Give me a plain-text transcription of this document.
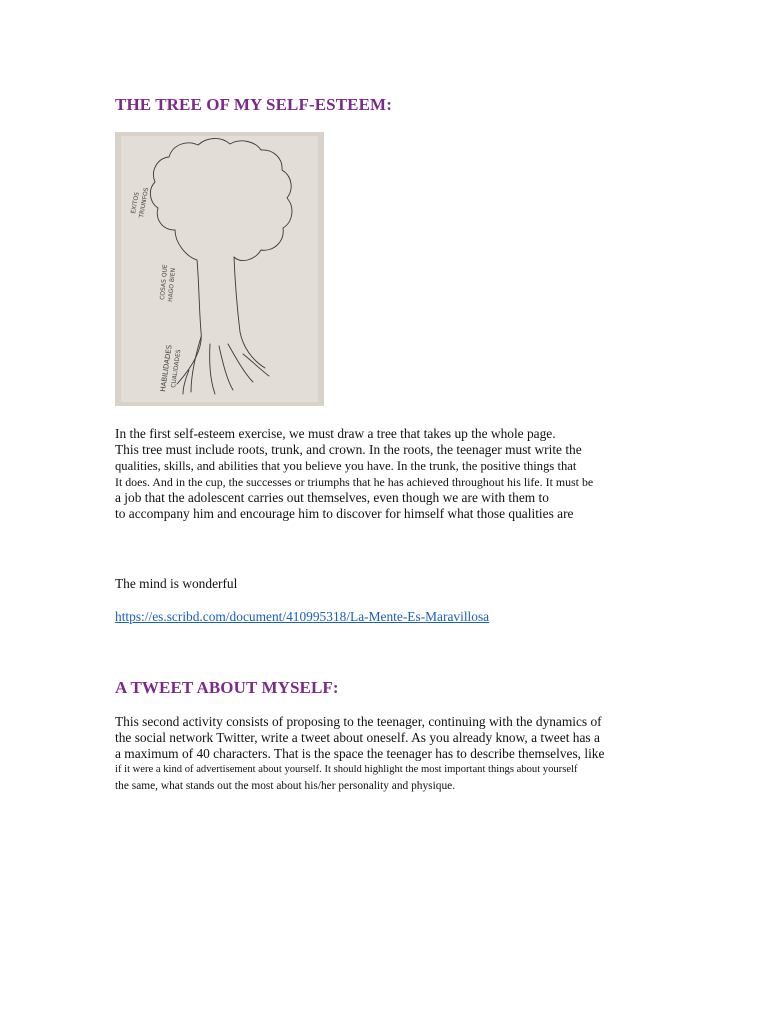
THE TREE OF MY SELF-ESTEEM:
ÉXITOS
TRIUNFOS
COSAS QUE
HAGO BIEN
HABILIDADES
CUALIDADES

In the first self-esteem exercise, we must draw a tree that takes up the whole page.
This tree must include roots, trunk, and crown. In the roots, the teenager must write the
qualities, skills, and abilities that you believe you have. In the trunk, the positive things that
It does. And in the cup, the successes or triumphs that he has achieved throughout his life. It must be
a job that the adolescent carries out themselves, even though we are with them to
to accompany him and encourage him to discover for himself what those qualities are

The mind is wonderful

https://es.scribd.com/document/410995318/La-Mente-Es-Maravillosa
A TWEET ABOUT MYSELF:

This second activity consists of proposing to the teenager, continuing with the dynamics of
the social network Twitter, write a tweet about oneself. As you already know, a tweet has a
a maximum of 40 characters. That is the space the teenager has to describe themselves, like
if it were a kind of advertisement about yourself. It should highlight the most important things about yourself
the same, what stands out the most about his/her personality and physique.
